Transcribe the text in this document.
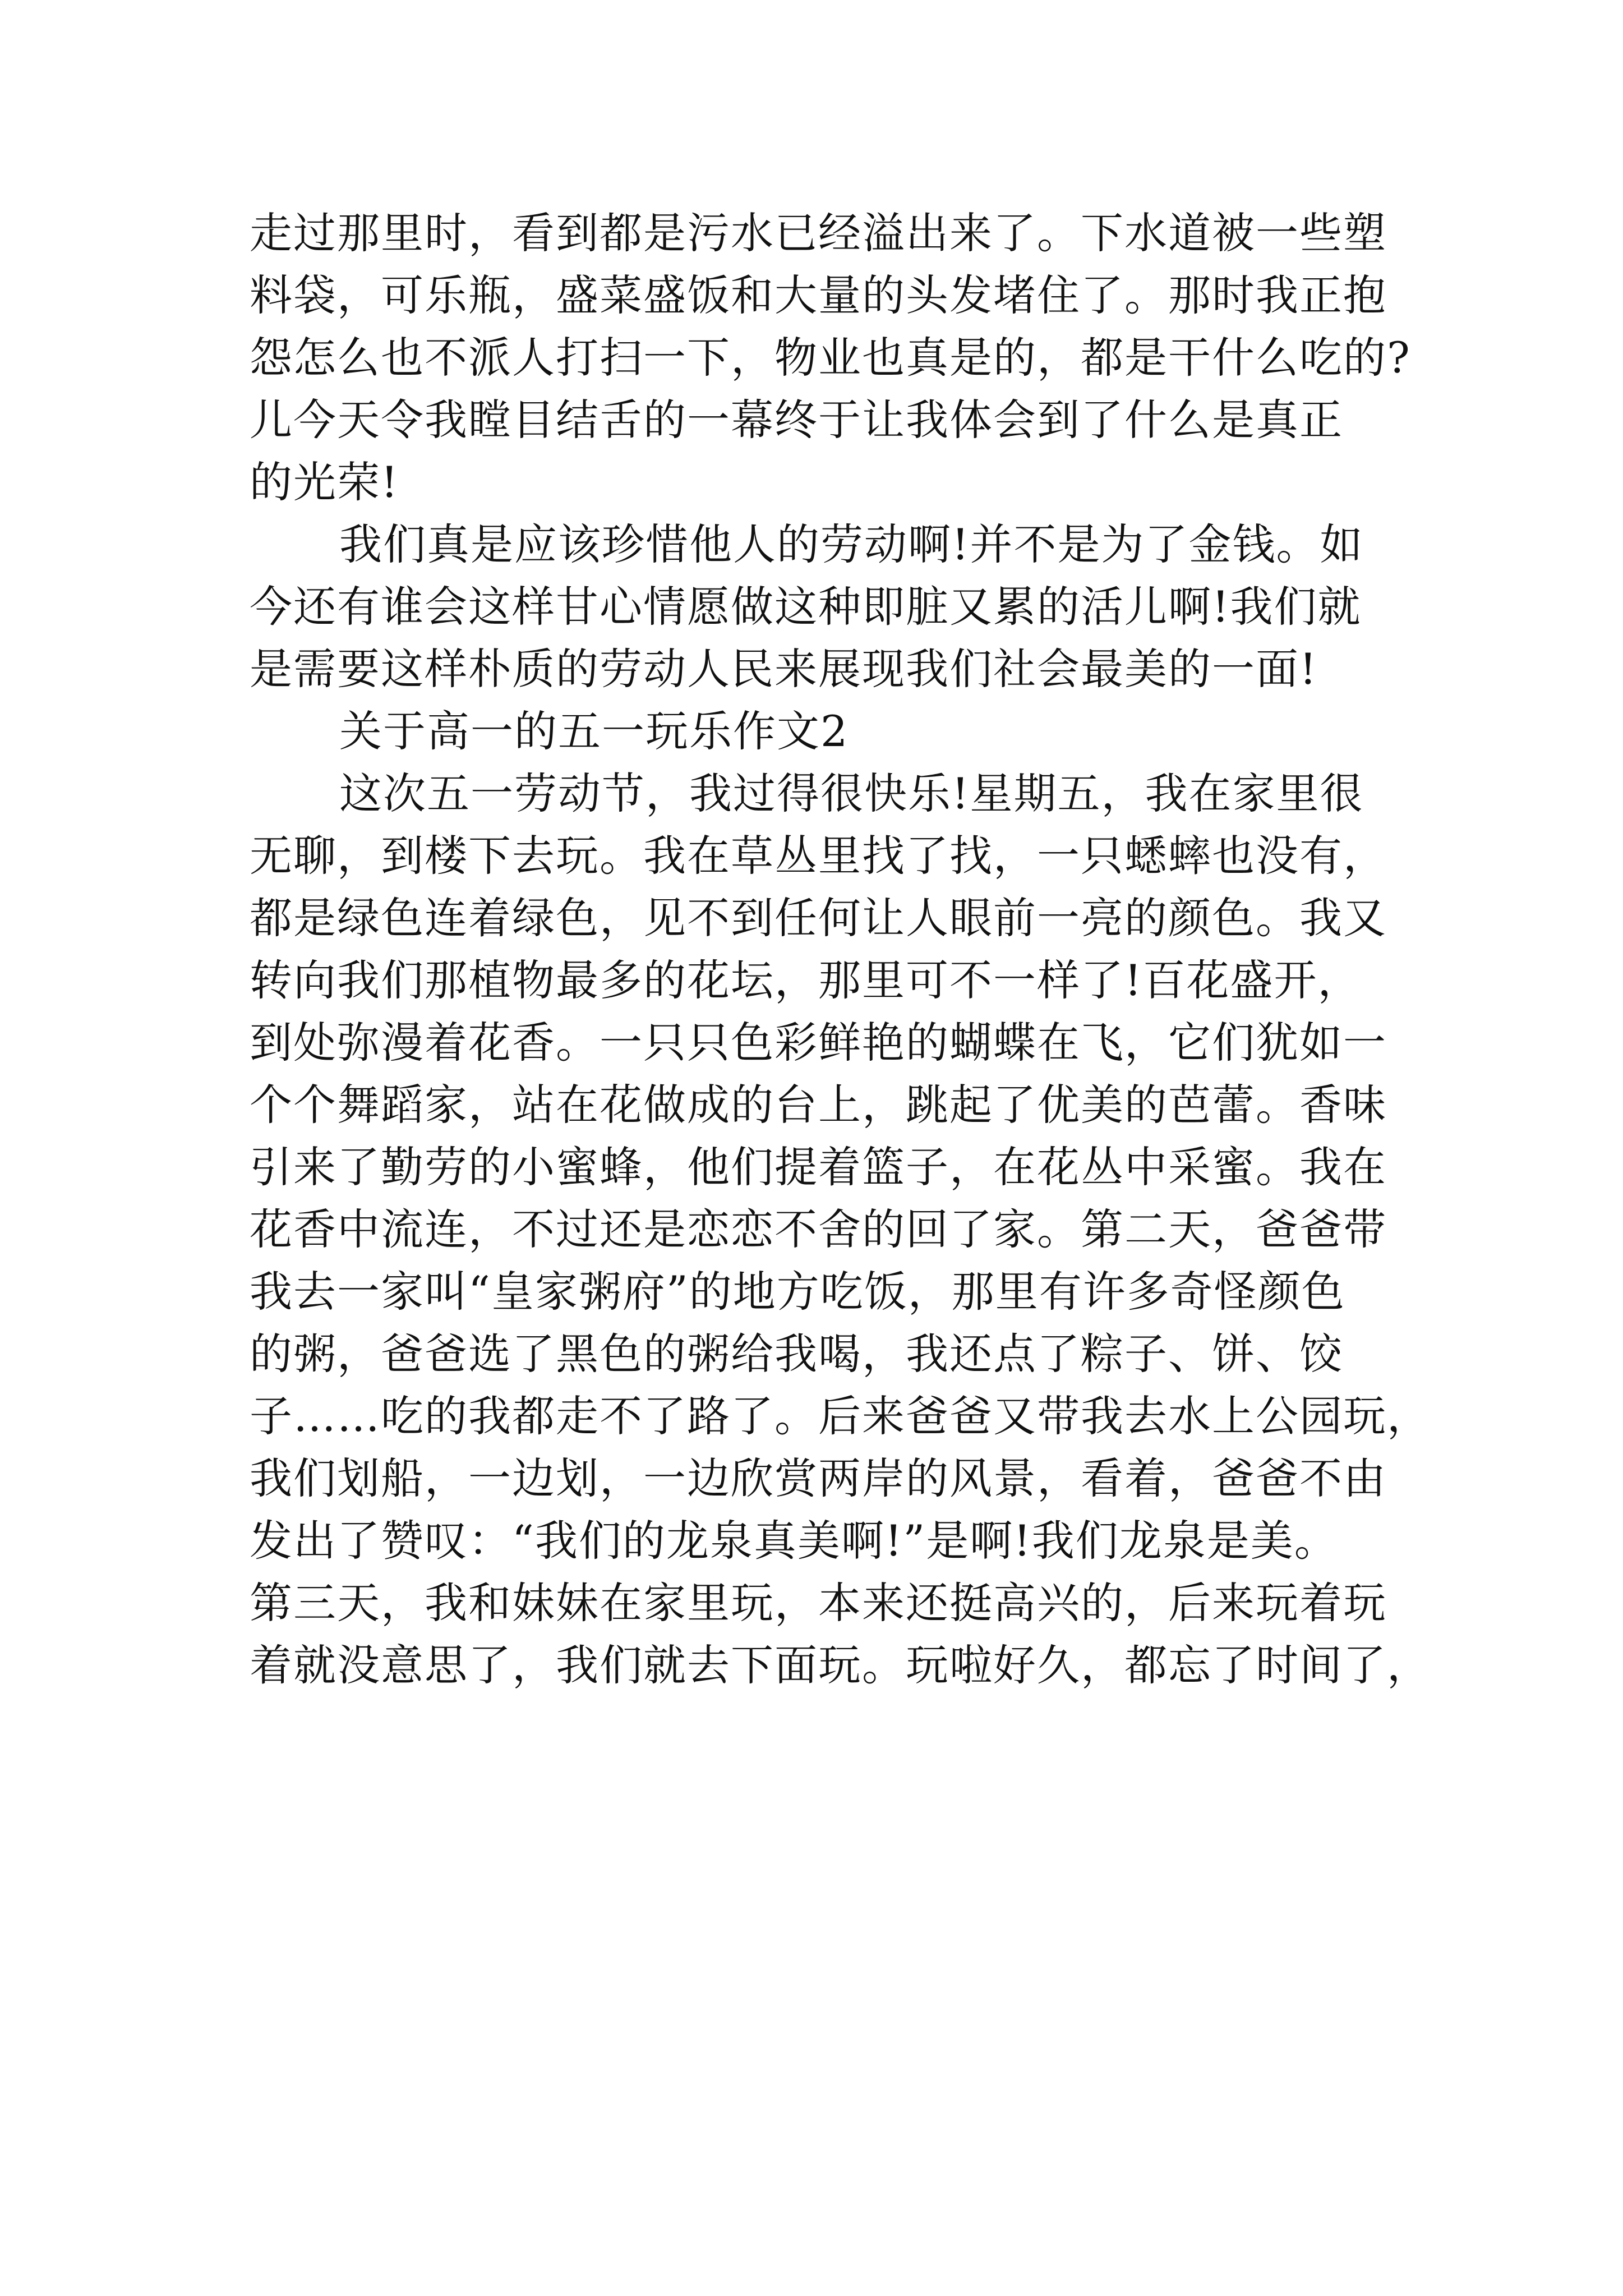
走过那里时，看到都是污水已经溢出来了。下水道被一些塑
料袋，可乐瓶，盛菜盛饭和大量的头发堵住了。那时我正抱
怨怎么也不派人打扫一下，物业也真是的，都是干什么吃的?
儿今天令我瞠目结舌的一幕终于让我体会到了什么是真正
的光荣!
我们真是应该珍惜他人的劳动啊!并不是为了金钱。如
今还有谁会这样甘心情愿做这种即脏又累的活儿啊!我们就
是需要这样朴质的劳动人民来展现我们社会最美的一面!
关于高一的五一玩乐作文2
这次五一劳动节，我过得很快乐!星期五，我在家里很
无聊，到楼下去玩。我在草丛里找了找，一只蟋蟀也没有，
都是绿色连着绿色，见不到任何让人眼前一亮的颜色。我又
转向我们那植物最多的花坛，那里可不一样了!百花盛开，
到处弥漫着花香。一只只色彩鲜艳的蝴蝶在飞，它们犹如一
个个舞蹈家，站在花做成的台上，跳起了优美的芭蕾。香味
引来了勤劳的小蜜蜂，他们提着篮子，在花丛中采蜜。我在
花香中流连，不过还是恋恋不舍的回了家。第二天，爸爸带
我去一家叫“皇家粥府”的地方吃饭，那里有许多奇怪颜色
的粥，爸爸选了黑色的粥给我喝，我还点了粽子、饼、饺
子……吃的我都走不了路了。后来爸爸又带我去水上公园玩，
我们划船，一边划，一边欣赏两岸的风景，看着，爸爸不由
发出了赞叹：“我们的龙泉真美啊!”是啊!我们龙泉是美。
第三天，我和妹妹在家里玩，本来还挺高兴的，后来玩着玩
着就没意思了，我们就去下面玩。玩啦好久，都忘了时间了，
